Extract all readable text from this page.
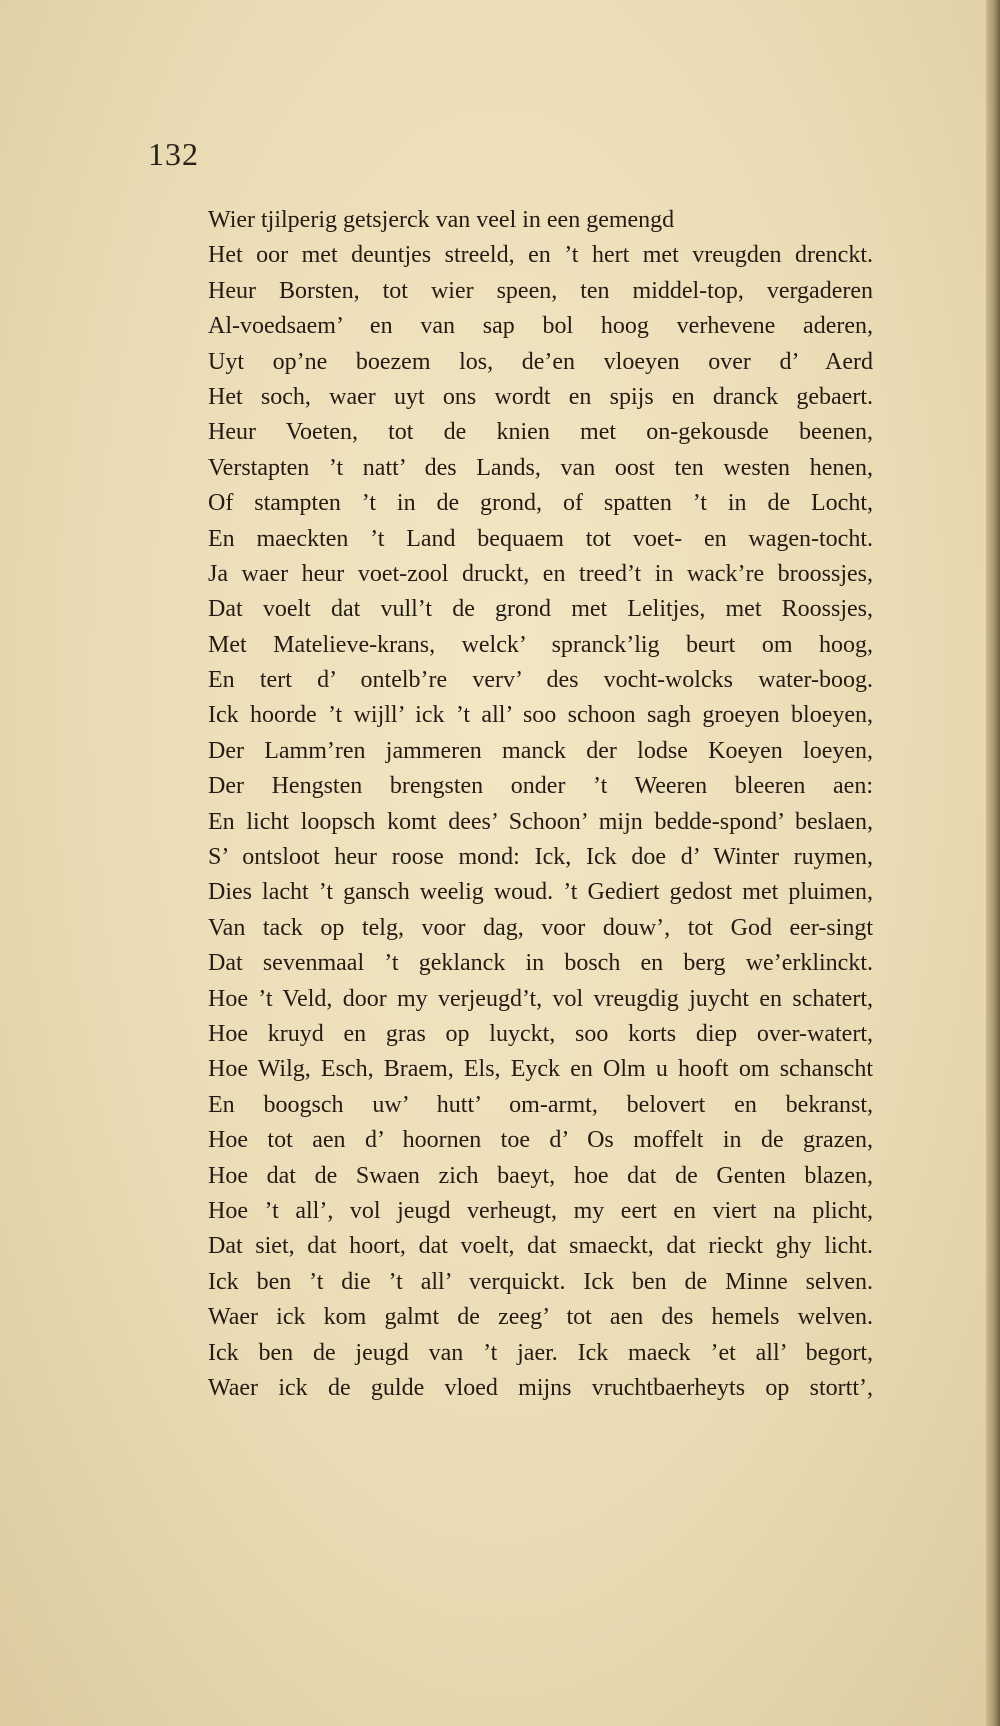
132
Wier tjilperig getsjerck van veel in een gemengd
Het oor met deuntjes streeld, en ’t hert met vreugden drenckt.
Heur Borsten, tot wier speen, ten middel-top, vergaderen
Al-voedsaem’ en van sap bol hoog verhevene aderen,
Uyt op’ne boezem los, de’en vloeyen over d’ Aerd
Het soch, waer uyt ons wordt en spijs en dranck gebaert.
Heur Voeten, tot de knien met on-gekousde beenen,
Verstapten ’t natt’ des Lands, van oost ten westen henen,
Of stampten ’t in de grond, of spatten ’t in de Locht,
En maeckten ’t Land bequaem tot voet- en wagen-tocht.
Ja waer heur voet-zool druckt, en treed’t in wack’re broossjes,
Dat voelt dat vull’t de grond met Lelitjes, met Roossjes,
Met Matelieve-krans, welck’ spranck’lig beurt om hoog,
En tert d’ ontelb’re verv’ des vocht-wolcks water-boog.
Ick hoorde ’t wijll’ ick ’t all’ soo schoon sagh groeyen bloeyen,
Der Lamm’ren jammeren manck der lodse Koeyen loeyen,
Der Hengsten brengsten onder ’t Weeren bleeren aen:
En licht loopsch komt dees’ Schoon’ mijn bedde-spond’ beslaen,
S’ ontsloot heur roose mond: Ick, Ick doe d’ Winter ruymen,
Dies lacht ’t gansch weelig woud. ’t Gediert gedost met pluimen,
Van tack op telg, voor dag, voor douw’, tot God eer-singt
Dat sevenmaal ’t geklanck in bosch en berg we’erklinckt.
Hoe ’t Veld, door my verjeugd’t, vol vreugdig juycht en schatert,
Hoe kruyd en gras op luyckt, soo korts diep over-watert,
Hoe Wilg, Esch, Braem, Els, Eyck en Olm u hooft om schanscht
En boogsch uw’ hutt’ om-armt, belovert en bekranst,
Hoe tot aen d’ hoornen toe d’ Os moffelt in de grazen,
Hoe dat de Swaen zich baeyt, hoe dat de Genten blazen,
Hoe ’t all’, vol jeugd verheugt, my eert en viert na plicht,
Dat siet, dat hoort, dat voelt, dat smaeckt, dat rieckt ghy licht.
Ick ben ’t die ’t all’ verquickt. Ick ben de Minne selven.
Waer ick kom galmt de zeeg’ tot aen des hemels welven.
Ick ben de jeugd van ’t jaer. Ick maeck ’et all’ begort,
Waer ick de gulde vloed mijns vruchtbaerheyts op stortt’,
